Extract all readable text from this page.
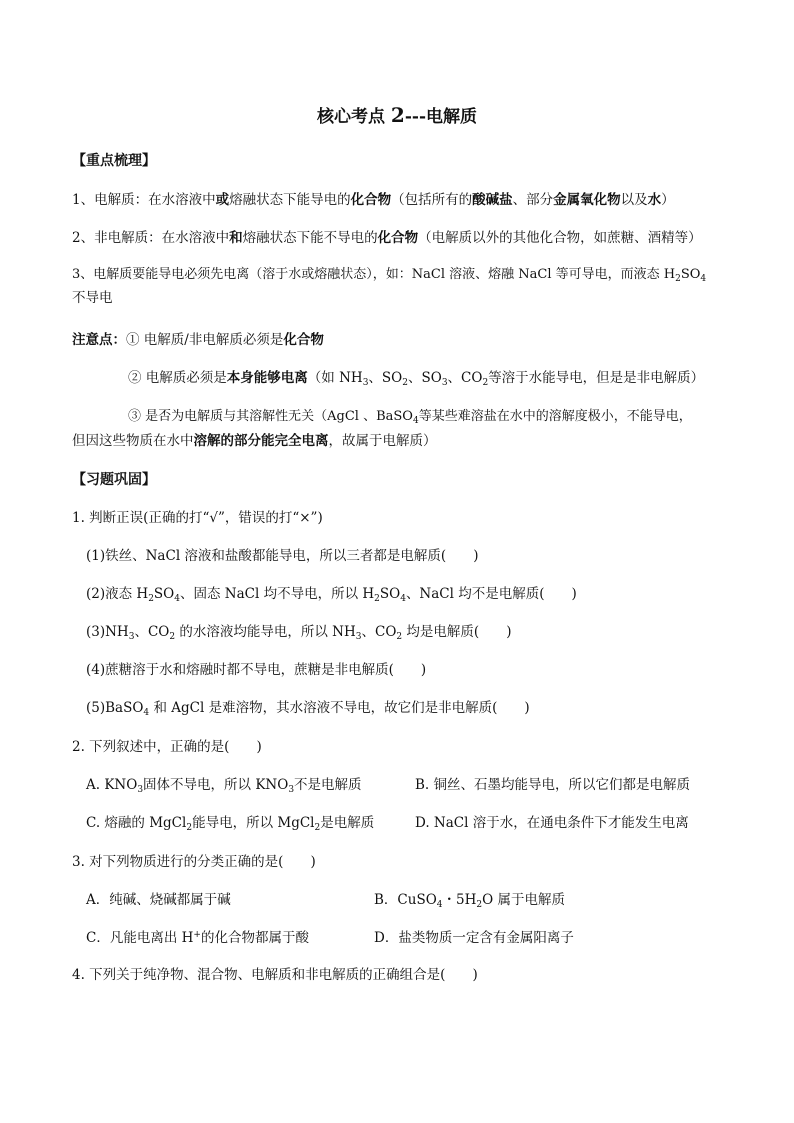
核心考点 2---电解质
【重点梳理】
1、电解质：在水溶液中或熔融状态下能导电的化合物（包括所有的酸碱盐、部分金属氧化物以及水）
2、非电解质：在水溶液中和熔融状态下能不导电的化合物（电解质以外的其他化合物，如蔗糖、酒精等）
3、电解质要能导电必须先电离（溶于水或熔融状态），如：NaCl 溶液、熔融 NaCl 等可导电，而液态 $H_2SO_4$
不导电
注意点：① 电解质/非电解质必须是化合物
② 电解质必须是本身能够电离（如 $NH_3$、$SO_2$、$SO_3$、$CO_2$等溶于水能导电，但是是非电解质）
③ 是否为电解质与其溶解性无关（AgCl 、BaSO$_4$等某些难溶盐在水中的溶解度极小，不能导电，
但因这些物质在水中溶解的部分能完全电离，故属于电解质）
【习题巩固】
1. 判断正误(正确的打“√”，错误的打“×”)
(1)铁丝、NaCl 溶液和盐酸都能导电，所以三者都是电解质(　　)
(2)液态 $H_2SO_4$、固态 NaCl 均不导电，所以 $H_2SO_4$、NaCl 均不是电解质(　　)
$(3)NH_3$、$CO_2$ 的水溶液均能导电，所以 $NH_3$、$CO_2$ 均是电解质(　　)
(4)蔗糖溶于水和熔融时都不导电，蔗糖是非电解质(　　)
(5)BaSO$_4$ 和 AgCl 是难溶物，其水溶液不导电，故它们是非电解质(　　)
2. 下列叙述中，正确的是(　　)
A. $KNO_3$固体不导电，所以 $KNO_3$不是电解质	B. 铜丝、石墨均能导电，所以它们都是电解质
C. 熔融的 MgCl$_2$能导电，所以 MgCl$_2$是电解质	D. NaCl 溶于水，在通电条件下才能发生电离
3. 对下列物质进行的分类正确的是(　　)
A．纯碱、烧碱都属于碱	B．CuSO$_4$・$5H_2O$ 属于电解质
C．凡能电离出 H+的化合物都属于酸	D．盐类物质一定含有金属阳离子
4. 下列关于纯净物、混合物、电解质和非电解质的正确组合是(　　)
